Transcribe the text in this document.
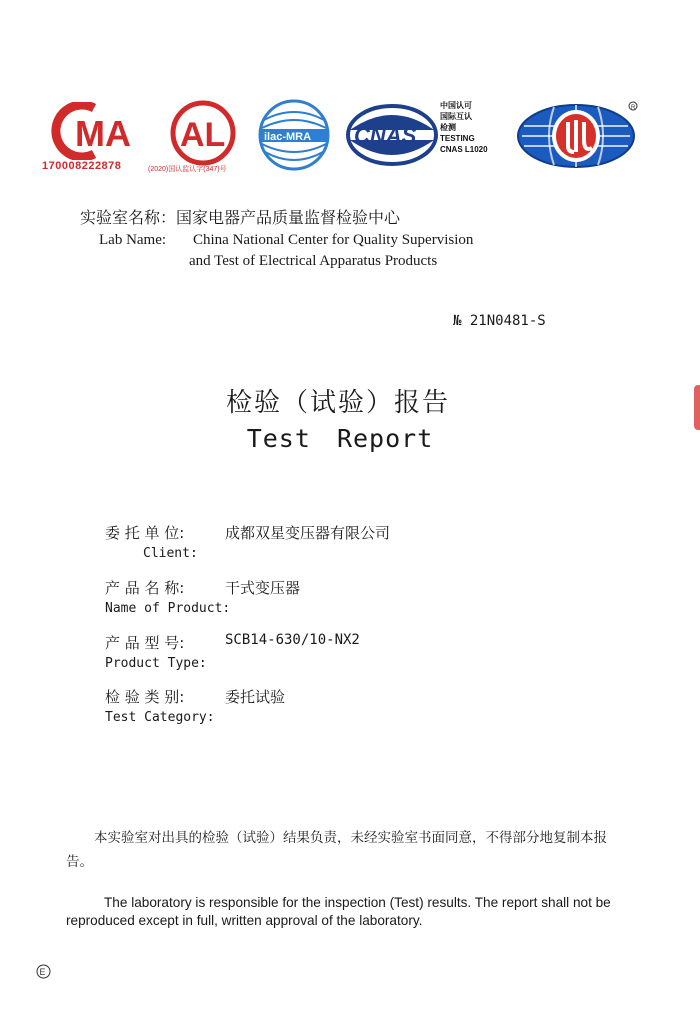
MA
170008222878
AL
(2020)国认监认字(347)号
ilac-MRA CNAS
中国认可
国际互认
检测
TESTING
CNAS L1020
R
实验室名称：国家电器产品质量监督检验中心
Lab Name: China National Center for Quality Supervision
and Test of Electrical Apparatus Products
№ 21N0481-S
检验（试验）报告
Test Report
委 托 单 位:	成都双星变压器有限公司
Client:
产 品 名 称:	干式变压器
Name of Product:
产 品 型 号:	SCB14-630/10-NX2
Product Type:
检 验 类 别:	委托试验
Test Category:
本实验室对出具的检验（试验）结果负责，未经实验室书面同意，不得部分地复制本报告。
The laboratory is responsible for the inspection (Test) results. The report shall not be reproduced except in full, written approval of the laboratory.
E
